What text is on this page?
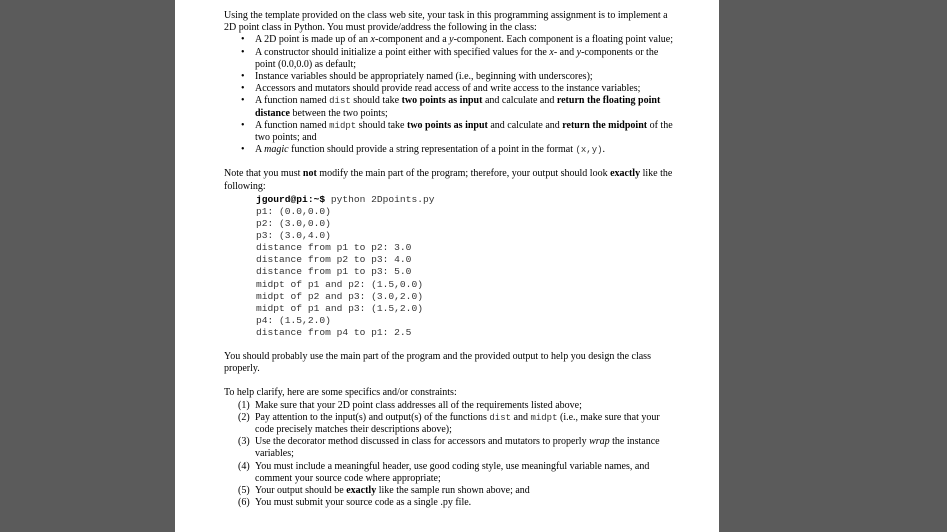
Using the template provided on the class web site, your task in this programming assignment is to implement a 2D point class in Python. You must provide/address the following in the class:

• A 2D point is made up of an x-component and a y-component. Each component is a floating point value;
• A constructor should initialize a point either with specified values for the x- and y-components or the point (0.0,0.0) as default;
• Instance variables should be appropriately named (i.e., beginning with underscores);
• Accessors and mutators should provide read access of and write access to the instance variables;
• A function named dist should take two points as input and calculate and return the floating point distance between the two points;
• A function named midpt should take two points as input and calculate and return the midpoint of the two points; and
• A magic function should provide a string representation of a point in the format (x,y).

Note that you must not modify the main part of the program; therefore, your output should look exactly like the following:

jgourd@pi:~$ python 2Dpoints.py
p1: (0.0,0.0)
p2: (3.0,0.0)
p3: (3.0,4.0)
distance from p1 to p2: 3.0
distance from p2 to p3: 4.0
distance from p1 to p3: 5.0
midpt of p1 and p2: (1.5,0.0)
midpt of p2 and p3: (3.0,2.0)
midpt of p1 and p3: (1.5,2.0)
p4: (1.5,2.0)
distance from p4 to p1: 2.5

You should probably use the main part of the program and the provided output to help you design the class properly.

To help clarify, here are some specifics and/or constraints:

(1) Make sure that your 2D point class addresses all of the requirements listed above;
(2) Pay attention to the input(s) and output(s) of the functions dist and midpt (i.e., make sure that your code precisely matches their descriptions above);
(3) Use the decorator method discussed in class for accessors and mutators to properly wrap the instance variables;
(4) You must include a meaningful header, use good coding style, use meaningful variable names, and comment your source code where appropriate;
(5) Your output should be exactly like the sample run shown above; and
(6) You must submit your source code as a single .py file.
